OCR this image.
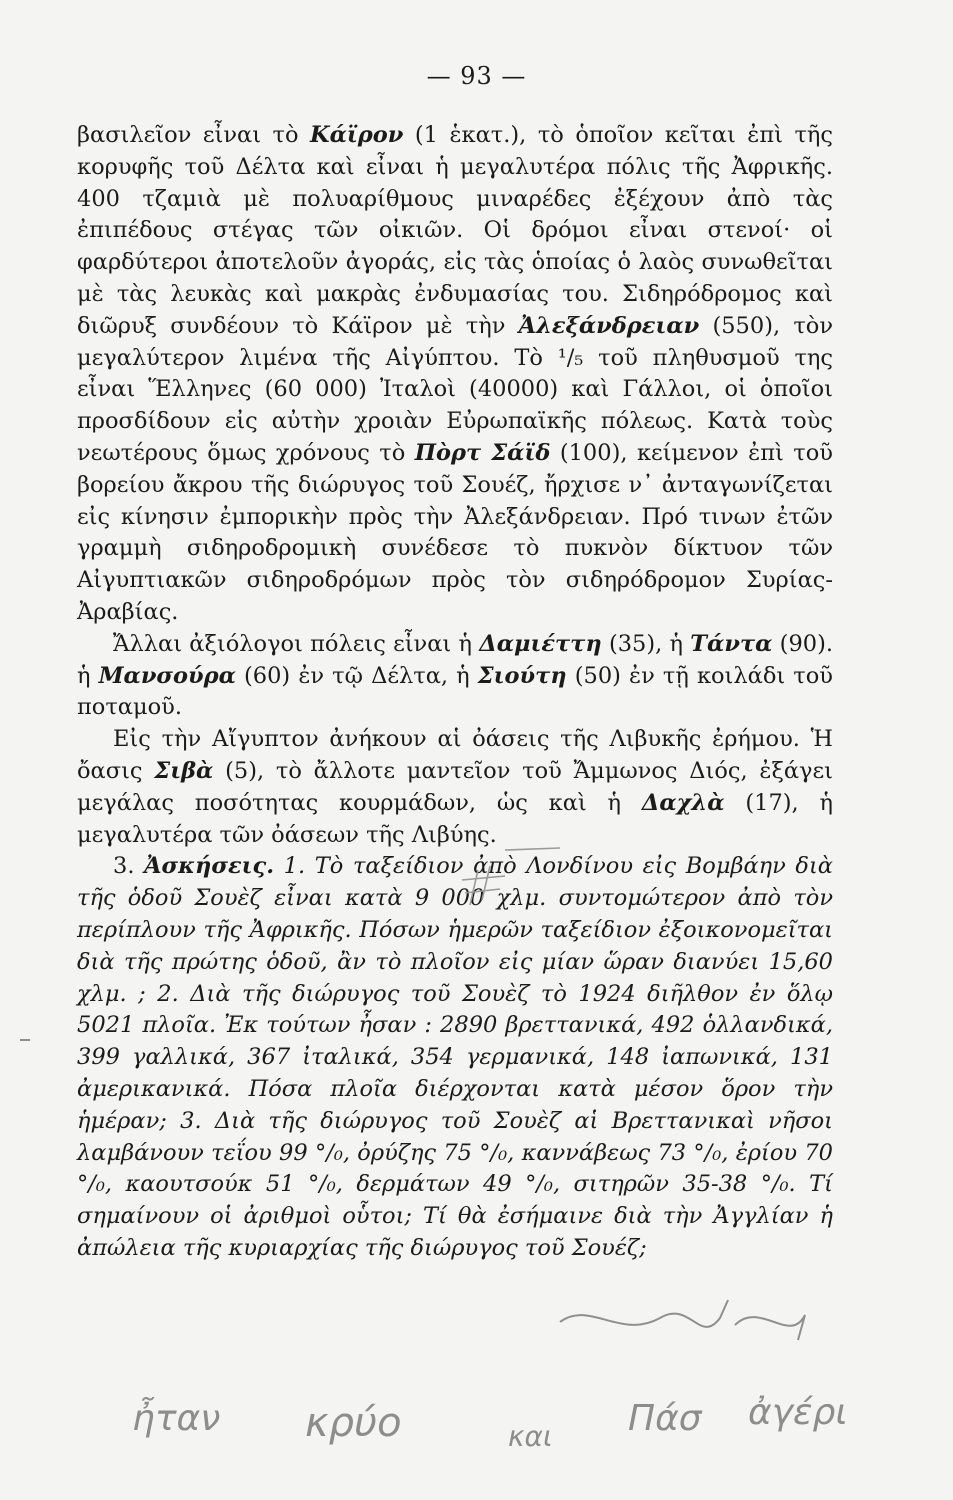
— 93 —

βασιλεῖον εἶναι τὸ Κάϊρον (1 ἑκατ.), τὸ ὁποῖον κεῖται ἐπὶ τῆς κορυφῆς τοῦ Δέλτα καὶ εἶναι ἡ μεγαλυτέρα πόλις τῆς Ἀφρικῆς. 400 τζαμιὰ μὲ πολυαρίθμους μιναρέδες ἐξέχουν ἀπὸ τὰς ἐπιπέδους στέγας τῶν οἰκιῶν. Οἱ δρόμοι εἶναι στενοί· οἱ φαρδύτεροι ἀποτελοῦν ἀγοράς, εἰς τὰς ὁποίας ὁ λαὸς συνωθεῖται μὲ τὰς λευκὰς καὶ μακρὰς ἐνδυμασίας του. Σιδηρόδρομος καὶ διῶρυξ συνδέουν τὸ Κάϊρον μὲ τὴν Ἀλεξάνδρειαν (550), τὸν μεγαλύτερον λιμένα τῆς Αἰγύπτου. Τὸ ¹/₅ τοῦ πληθυσμοῦ της εἶναι Ἕλληνες (60 000) Ἰταλοὶ (40000) καὶ Γάλλοι, οἱ ὁποῖοι προσδίδουν εἰς αὐτὴν χροιὰν Εὐρωπαϊκῆς πόλεως. Κατὰ τοὺς νεωτέρους ὅμως χρόνους τὸ Πὸρτ Σάϊδ (100), κείμενον ἐπὶ τοῦ βορείου ἄκρου τῆς διώρυγος τοῦ Σουέζ, ἤρχισε ν᾿ ἀνταγωνίζεται εἰς κίνησιν ἐμπορικὴν πρὸς τὴν Ἀλεξάνδρειαν. Πρό τινων ἐτῶν γραμμὴ σιδηροδρομικὴ συνέδεσε τὸ πυκνὸν δίκτυον τῶν Αἰγυπτιακῶν σιδηροδρόμων πρὸς τὸν σιδηρόδρομον Συρίας-Ἀραβίας.

Ἄλλαι ἀξιόλογοι πόλεις εἶναι ἡ Δαμιέττη (35), ἡ Τάντα (90). ἡ Μανσούρα (60) ἐν τῷ Δέλτα, ἡ Σιούτη (50) ἐν τῇ κοιλάδι τοῦ ποταμοῦ.

Εἰς τὴν Αἴγυπτον ἀνήκουν αἱ ὀάσεις τῆς Λιβυκῆς ἐρήμου. Ἡ ὄασις Σιβὰ (5), τὸ ἄλλοτε μαντεῖον τοῦ Ἄμμωνος Διός, ἐξάγει μεγάλας ποσότητας κουρμάδων, ὡς καὶ ἡ Δαχλὰ (17), ἡ μεγαλυτέρα τῶν ὀάσεων τῆς Λιβύης.

3. Ἀσκήσεις. 1. Τὸ ταξείδιον ἀπὸ Λονδίνου εἰς Βομβάην διὰ τῆς ὁδοῦ Σουὲζ εἶναι κατὰ 9 000 χλμ. συντομώτερον ἀπὸ τὸν περίπλουν τῆς Ἀφρικῆς. Πόσων ἡμερῶν ταξείδιον ἐξοικονομεῖται διὰ τῆς πρώτης ὁδοῦ, ἂν τὸ πλοῖον εἰς μίαν ὥραν διανύει 15,60 χλμ. ; 2. Διὰ τῆς διώρυγος τοῦ Σουὲζ τὸ 1924 διῆλθον ἐν ὅλῳ 5021 πλοῖα. Ἐκ τούτων ἦσαν : 2890 βρεττανικά, 492 ὁλλανδικά, 399 γαλλικά, 367 ἰταλικά, 354 γερμανικά, 148 ἰαπωνικά, 131 ἀμερικανικά. Πόσα πλοῖα διέρχονται κατὰ μέσον ὅρον τὴν ἡμέραν; 3. Διὰ τῆς διώρυγος τοῦ Σουὲζ αἱ Βρεττανικαὶ νῆσοι λαμβάνουν τεΐου 99 °/₀, ὀρύζης 75 °/₀, καννάβεως 73 °/₀, ἐρίου 70 °/₀, καουτσούκ 51 °/₀, δερμάτων 49 °/₀, σιτηρῶν 35-38 °/₀. Τί σημαίνουν οἱ ἀριθμοὶ οὗτοι; Τί θὰ ἐσήμαινε διὰ τὴν Ἀγγλίαν ἡ ἀπώλεια τῆς κυριαρχίας τῆς διώρυγος τοῦ Σουέζ;

ἦταν κρύο	και Πάσ ἀγέρι
